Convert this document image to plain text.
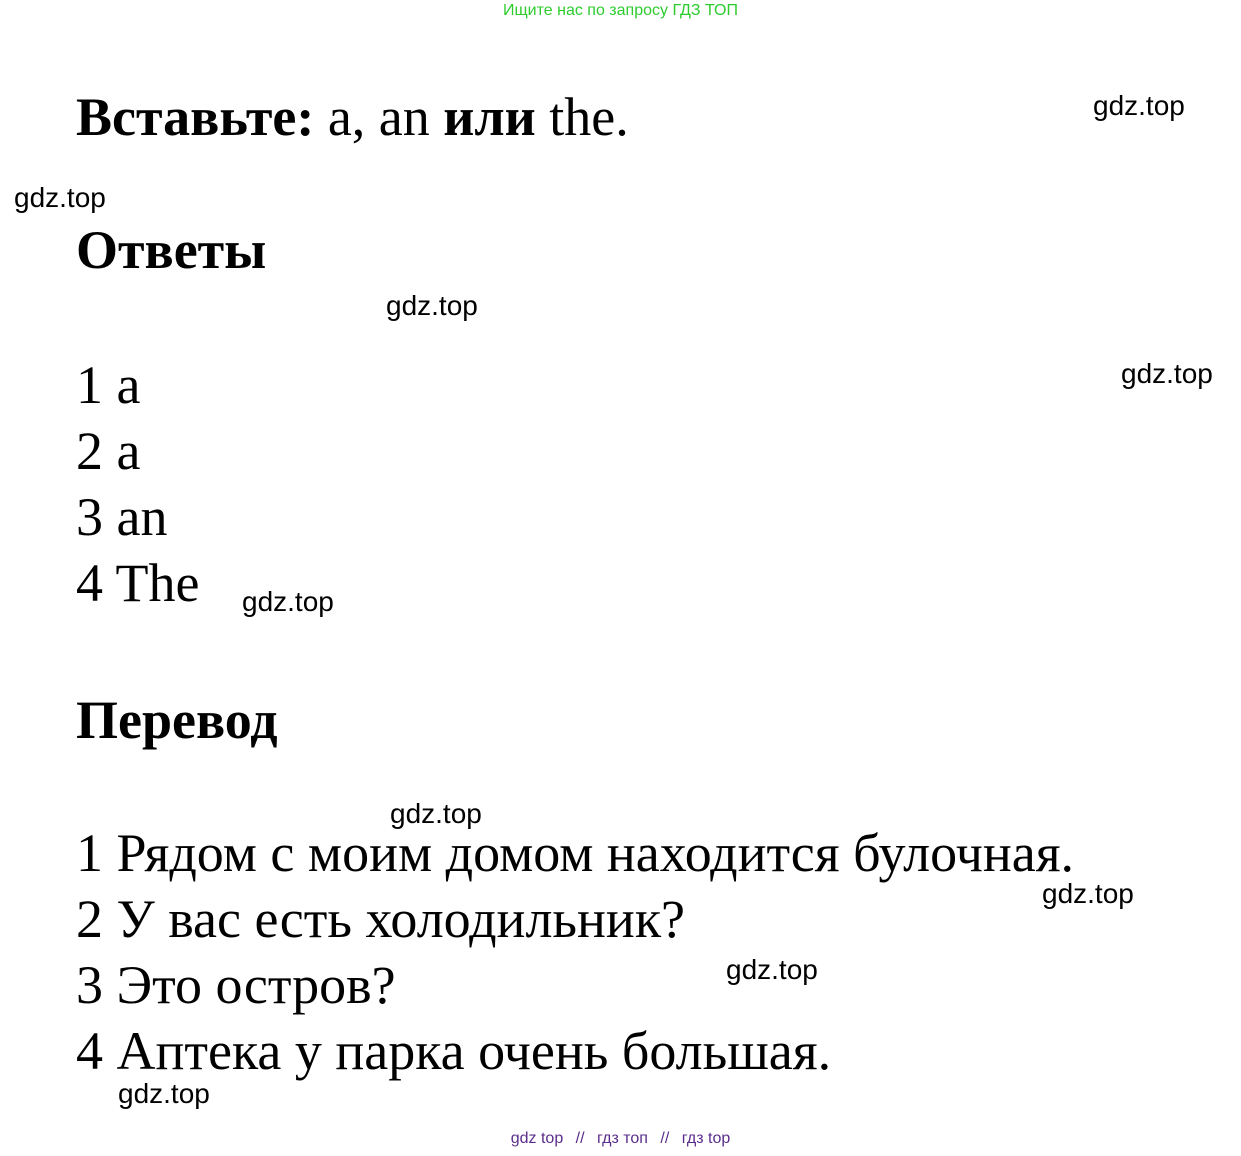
Ищите нас по запросу ГДЗ ТОП
Вставьте: a, an или the.
Ответы
1 a
2 a
3 an
4 The
Перевод
1 Рядом с моим домом находится булочная.
2 У вас есть холодильник?
3 Это остров?
4 Аптека у парка очень большая.
gdz.top
gdz.top
gdz.top
gdz.top
gdz.top
gdz.top
gdz.top
gdz.top
gdz.top
gdz top // гдз топ // гдз top
